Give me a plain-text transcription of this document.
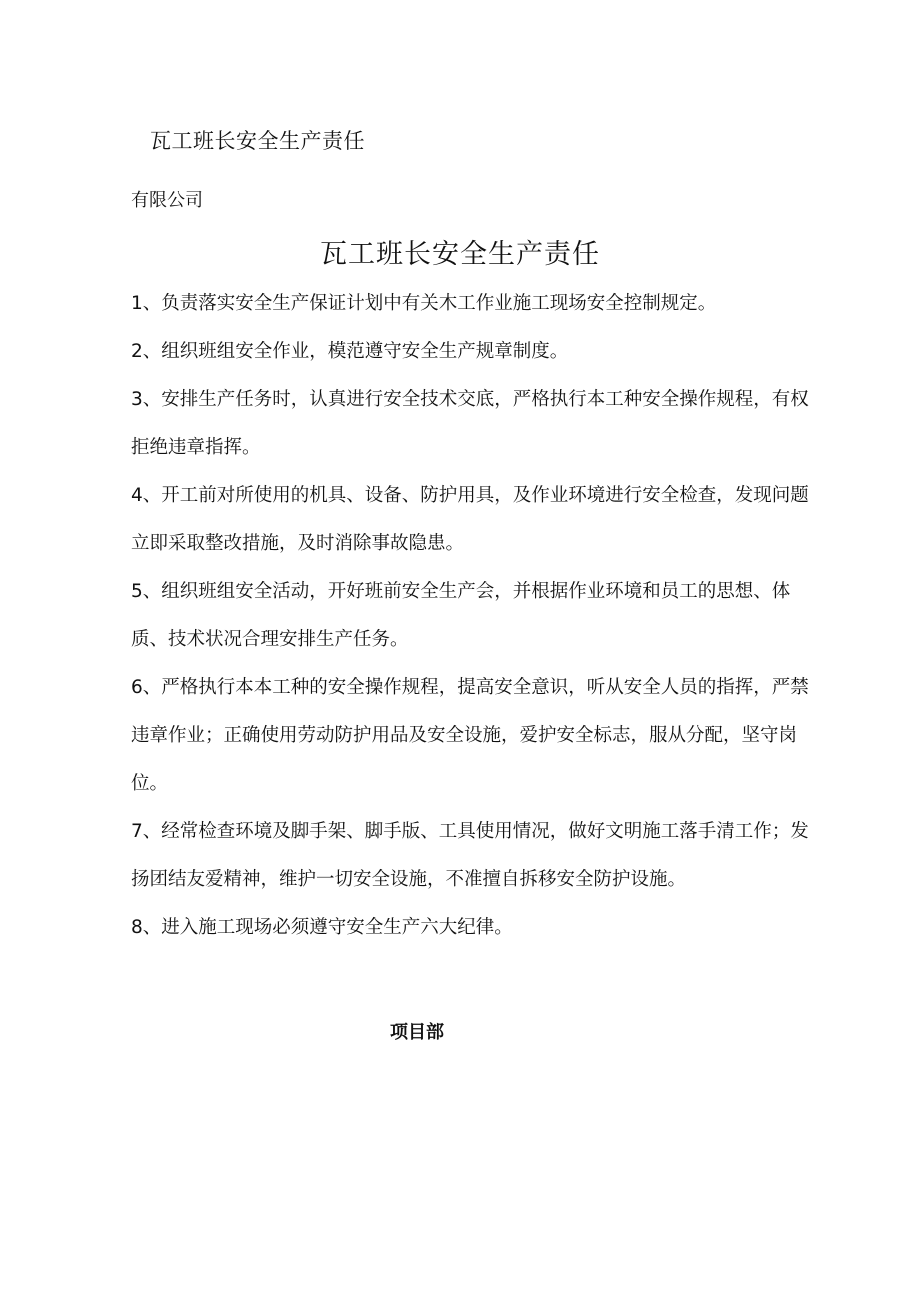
瓦工班长安全生产责任
有限公司
瓦工班长安全生产责任

1、负责落实安全生产保证计划中有关木工作业施工现场安全控制规定。

2、组织班组安全作业，模范遵守安全生产规章制度。

3、安排生产任务时，认真进行安全技术交底，严格执行本工种安全操作规程，有权拒绝违章指挥。

4、开工前对所使用的机具、设备、防护用具，及作业环境进行安全检查，发现问题立即采取整改措施，及时消除事故隐患。

5、组织班组安全活动，开好班前安全生产会，并根据作业环境和员工的思想、体质、技术状况合理安排生产任务。

6、严格执行本本工种的安全操作规程，提高安全意识，听从安全人员的指挥，严禁违章作业；正确使用劳动防护用品及安全设施，爱护安全标志，服从分配，坚守岗位。

7、经常检查环境及脚手架、脚手版、工具使用情况，做好文明施工落手清工作；发扬团结友爱精神，维护一切安全设施，不准擅自拆移安全防护设施。

8、进入施工现场必须遵守安全生产六大纪律。

项目部
